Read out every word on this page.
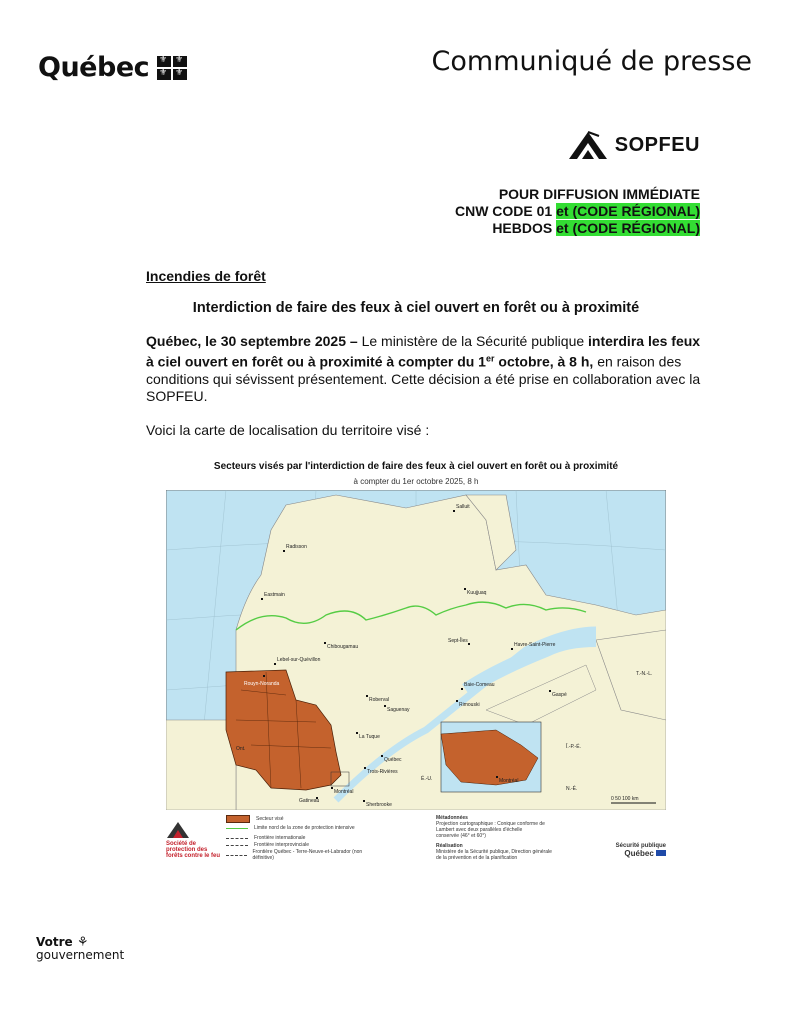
Québec ⚜ ⚜ ⚜ ⚜	Communiqué de presse
SOPFEU
POUR DIFFUSION IMMÉDIATE
CNW CODE 01 et (CODE RÉGIONAL)
HEBDOS et (CODE RÉGIONAL)
Incendies de forêt
Interdiction de faire des feux à ciel ouvert en forêt ou à proximité

Québec, le 30 septembre 2025 – Le ministère de la Sécurité publique interdira les feux à ciel ouvert en forêt ou à proximité à compter du 1er octobre, à 8 h, en raison des conditions qui sévissent présentement. Cette décision a été prise en collaboration avec la SOPFEU.

Voici la carte de localisation du territoire visé :

Secteurs visés par l'interdiction de faire des feux à ciel ouvert en forêt ou à proximité
à compter du 1er octobre 2025, 8 h
Salluit
Kuujjuaq
Radisson
Eastmain
Chibougamau
Lebel-sur-Quévillon
Rouyn-Noranda
Roberval
Saguenay
Sept-Îles
Havre-Saint-Pierre
Baie-Comeau
Rimouski
Gaspé
La Tuque
Québec
Trois-Rivières
Montréal
Gatineau
Sherbrooke
Montréal
Ont.
É.-U.
T.-N.-L.
Î.-P.-É.
N.-É.
0 50 100 km
Secteur visé
Limite nord de la zone de protection intensive
Frontière internationale
Frontière interprovinciale
Frontière Québec - Terre-Neuve-et-Labrador (non définitive)
Métadonnées
Projection cartographique : Conique conforme de Lambert avec deux parallèles d'échelle conservée (46° et 60°)
Réalisation
Ministère de la Sécurité publique, Direction générale de la prévention et de la planification
Société de protection des forêts contre le feu
Sécurité publique
Québec
Votre ⚘
gouvernement
